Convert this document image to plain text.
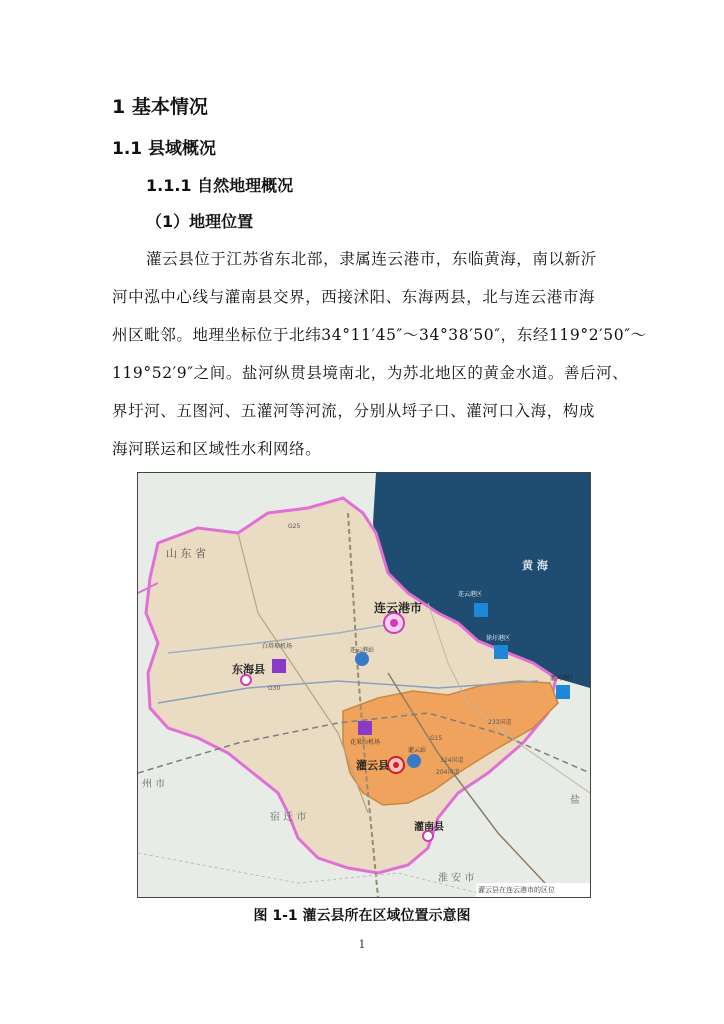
1 基本情况
1.1 县域概况
1.1.1 自然地理概况
（1）地理位置
灌云县位于江苏省东北部，隶属连云港市，东临黄海，南以新沂
河中泓中心线与灌南县交界，西接沭阳、东海两县，北与连云港市海
州区毗邻。地理坐标位于北纬34°11′45″～34°38′50″，东经119°2′50″～
119°52′9″之间。盐河纵贯县境南北，为苏北地区的黄金水道。善后河、
界圩河、五图河、五灌河等河流，分别从埒子口、灌河口入海，构成
海河联运和区域性水利网络。
山 东 省
黄 海
连云港市
东海县
灌云县
灌南县
宿 迁 市
淮 安 市
州 市
盐
连云港区
徐圩港区
灌河港区
白塔埠机场
花果山机场
连云港站
灌云站
G25
G30
324国道
204国道
G15
233国道
灌云县在连云港市的区位
图 1-1 灌云县所在区域位置示意图
1
